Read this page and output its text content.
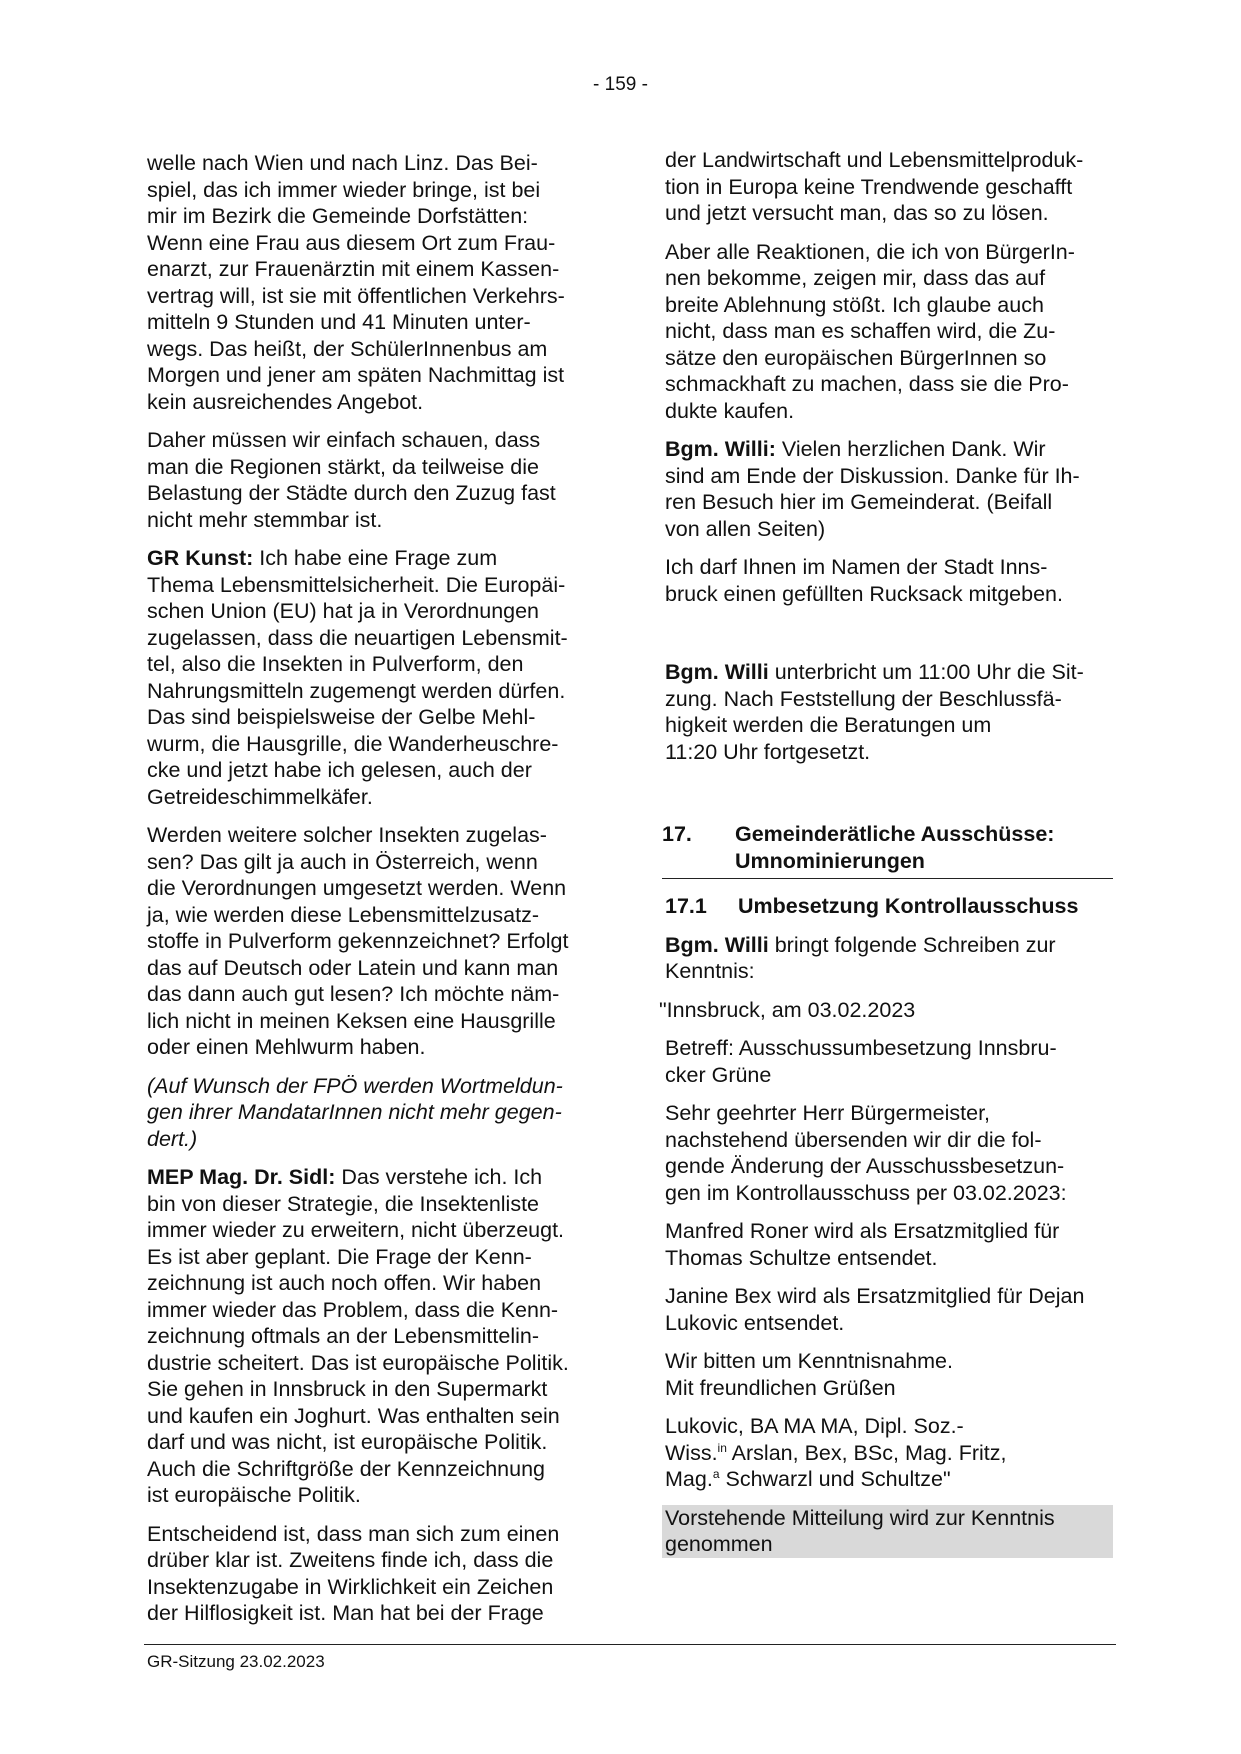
- 159 -

welle nach Wien und nach Linz. Das Bei-
spiel, das ich immer wieder bringe, ist bei
mir im Bezirk die Gemeinde Dorfstätten:
Wenn eine Frau aus diesem Ort zum Frau-
enarzt, zur Frauenärztin mit einem Kassen-
vertrag will, ist sie mit öffentlichen Verkehrs-
mitteln 9 Stunden und 41 Minuten unter-
wegs. Das heißt, der SchülerInnenbus am
Morgen und jener am späten Nachmittag ist
kein ausreichendes Angebot.

Daher müssen wir einfach schauen, dass
man die Regionen stärkt, da teilweise die
Belastung der Städte durch den Zuzug fast
nicht mehr stemmbar ist.

GR Kunst: Ich habe eine Frage zum
Thema Lebensmittelsicherheit. Die Europäi-
schen Union (EU) hat ja in Verordnungen
zugelassen, dass die neuartigen Lebensmit-
tel, also die Insekten in Pulverform, den
Nahrungsmitteln zugemengt werden dürfen.
Das sind beispielsweise der Gelbe Mehl-
wurm, die Hausgrille, die Wanderheuschre-
cke und jetzt habe ich gelesen, auch der
Getreideschimmelkäfer.

Werden weitere solcher Insekten zugelas-
sen? Das gilt ja auch in Österreich, wenn
die Verordnungen umgesetzt werden. Wenn
ja, wie werden diese Lebensmittelzusatz-
stoffe in Pulverform gekennzeichnet? Erfolgt
das auf Deutsch oder Latein und kann man
das dann auch gut lesen? Ich möchte näm-
lich nicht in meinen Keksen eine Hausgrille
oder einen Mehlwurm haben.

(Auf Wunsch der FPÖ werden Wortmeldun-
gen ihrer MandatarInnen nicht mehr gegen-
dert.)

MEP Mag. Dr. Sidl: Das verstehe ich. Ich
bin von dieser Strategie, die Insektenliste
immer wieder zu erweitern, nicht überzeugt.
Es ist aber geplant. Die Frage der Kenn-
zeichnung ist auch noch offen. Wir haben
immer wieder das Problem, dass die Kenn-
zeichnung oftmals an der Lebensmittelin-
dustrie scheitert. Das ist europäische Politik.
Sie gehen in Innsbruck in den Supermarkt
und kaufen ein Joghurt. Was enthalten sein
darf und was nicht, ist europäische Politik.
Auch die Schriftgröße der Kennzeichnung
ist europäische Politik.

Entscheidend ist, dass man sich zum einen
drüber klar ist. Zweitens finde ich, dass die
Insektenzugabe in Wirklichkeit ein Zeichen
der Hilflosigkeit ist. Man hat bei der Frage

der Landwirtschaft und Lebensmittelproduk-
tion in Europa keine Trendwende geschafft
und jetzt versucht man, das so zu lösen.

Aber alle Reaktionen, die ich von BürgerIn-
nen bekomme, zeigen mir, dass das auf
breite Ablehnung stößt. Ich glaube auch
nicht, dass man es schaffen wird, die Zu-
sätze den europäischen BürgerInnen so
schmackhaft zu machen, dass sie die Pro-
dukte kaufen.

Bgm. Willi: Vielen herzlichen Dank. Wir
sind am Ende der Diskussion. Danke für Ih-
ren Besuch hier im Gemeinderat. (Beifall
von allen Seiten)

Ich darf Ihnen im Namen der Stadt Inns-
bruck einen gefüllten Rucksack mitgeben.

Bgm. Willi unterbricht um 11:00 Uhr die Sit-
zung. Nach Feststellung der Beschlussfä-
higkeit werden die Beratungen um
11:20 Uhr fortgesetzt.

17.	Gemeinderätliche Ausschüsse:
Umnominierungen
17.1	Umbesetzung Kontrollausschuss

Bgm. Willi bringt folgende Schreiben zur
Kenntnis:

"Innsbruck, am 03.02.2023

Betreff: Ausschussumbesetzung Innsbru-
cker Grüne

Sehr geehrter Herr Bürgermeister,
nachstehend übersenden wir dir die fol-
gende Änderung der Ausschussbesetzun-
gen im Kontrollausschuss per 03.02.2023:

Manfred Roner wird als Ersatzmitglied für
Thomas Schultze entsendet.

Janine Bex wird als Ersatzmitglied für Dejan
Lukovic entsendet.

Wir bitten um Kenntnisnahme.
Mit freundlichen Grüßen

Lukovic, BA MA MA, Dipl. Soz.-
Wiss.$^{in}$ Arslan, Bex, BSc, Mag. Fritz,
Mag.$^a$ Schwarzl und Schultze"

Vorstehende Mitteilung wird zur Kenntnis
genommen

GR-Sitzung 23.02.2023
